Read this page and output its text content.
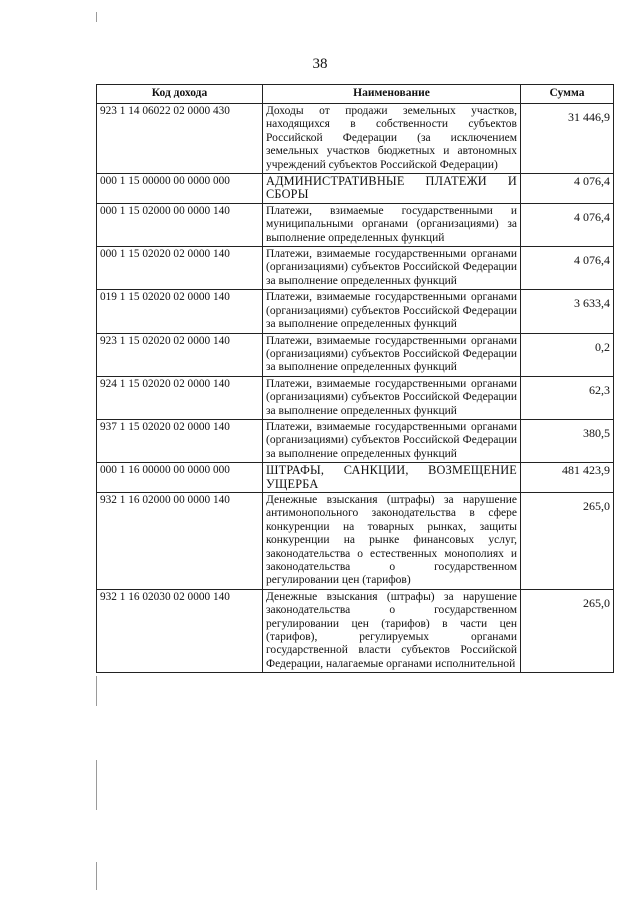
38
Код дохода	Наименование	Сумма
923 1 14 06022 02 0000 430	Доходы от продажи земельных участков, находящихся в собственности субъектов Российской Федерации (за исключением земельных участков бюджетных и автономных учреждений субъектов Российской Федерации)	31 446,9
000 1 15 00000 00 0000 000	АДМИНИСТРАТИВНЫЕ ПЛАТЕЖИ И СБОРЫ	4 076,4
000 1 15 02000 00 0000 140	Платежи, взимаемые государственными и муниципальными органами (организациями) за выполнение определенных функций	4 076,4
000 1 15 02020 02 0000 140	Платежи, взимаемые государственными органами (организациями) субъектов Российской Федерации за выполнение определенных функций	4 076,4
019 1 15 02020 02 0000 140	Платежи, взимаемые государственными органами (организациями) субъектов Российской Федерации за выполнение определенных функций	3 633,4
923 1 15 02020 02 0000 140	Платежи, взимаемые государственными органами (организациями) субъектов Российской Федерации за выполнение определенных функций	0,2
924 1 15 02020 02 0000 140	Платежи, взимаемые государственными органами (организациями) субъектов Российской Федерации за выполнение определенных функций	62,3
937 1 15 02020 02 0000 140	Платежи, взимаемые государственными органами (организациями) субъектов Российской Федерации за выполнение определенных функций	380,5
000 1 16 00000 00 0000 000	ШТРАФЫ, САНКЦИИ, ВОЗМЕЩЕНИЕ УЩЕРБА	481 423,9
932 1 16 02000 00 0000 140	Денежные взыскания (штрафы) за нарушение антимонопольного законодательства в сфере конкуренции на товарных рынках, защиты конкуренции на рынке финансовых услуг, законодательства о естественных монополиях и законодательства о государственном регулировании цен (тарифов)	265,0
932 1 16 02030 02 0000 140	Денежные взыскания (штрафы) за нарушение законодательства о государственном регулировании цен (тарифов) в части цен (тарифов), регулируемых органами государственной власти субъектов Российской Федерации, налагаемые органами исполнительной	265,0
